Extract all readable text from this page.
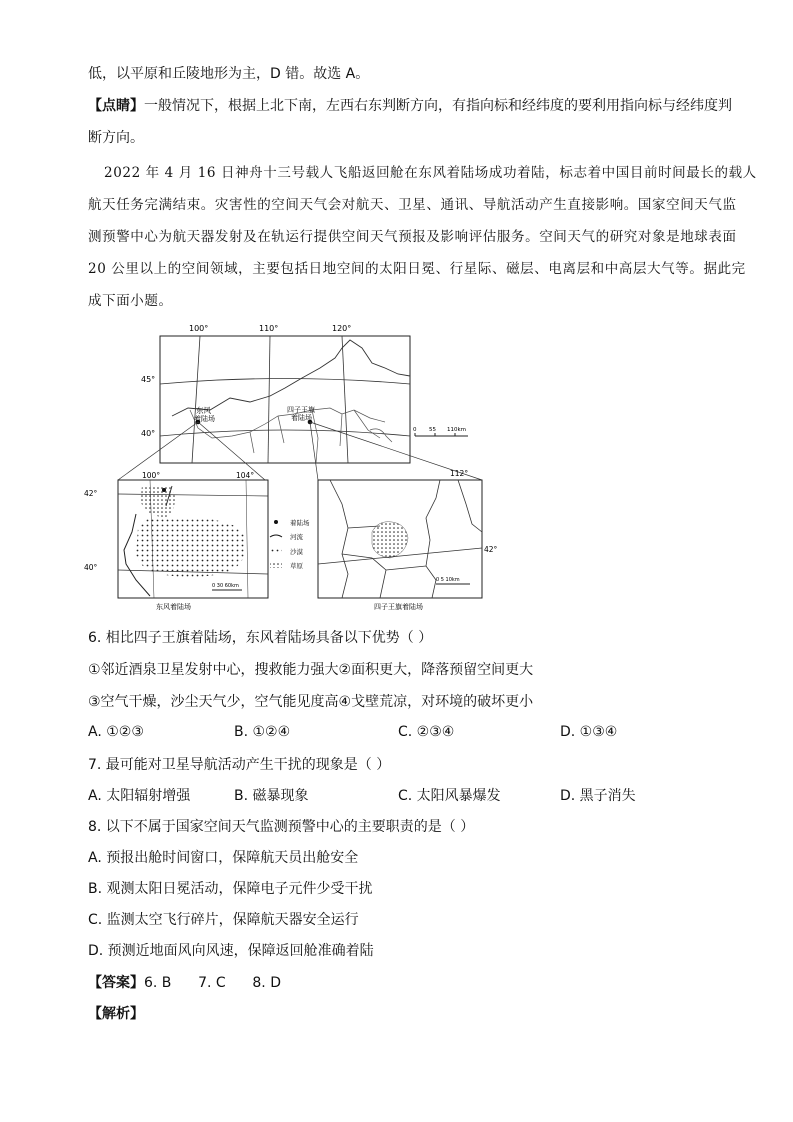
低，以平原和丘陵地形为主，D 错。故选 A。
【点睛】一般情况下，根据上北下南，左西右东判断方向，有指向标和经纬度的要利用指向标与经纬度判
断方向。
2022 年 4 月 16 日神舟十三号载人飞船返回舱在东风着陆场成功着陆，标志着中国目前时间最长的载人
航天任务完满结束。灾害性的空间天气会对航天、卫星、通讯、导航活动产生直接影响。国家空间天气监
测预警中心为航天器发射及在轨运行提供空间天气预报及影响评估服务。空间天气的研究对象是地球表面
20 公里以上的空间领域，主要包括日地空间的太阳日冕、行星际、磁层、电离层和中高层大气等。据此完
成下面小题。
东风
着陆场
四子王旗
着陆场
100°	110°	120°
45°
40°	0 55 110km
100°	104°
42°
40°
0 30 60km
东风着陆场
着陆场
河流
沙漠
草原
112°
42°
0 5 10km
四子王旗着陆场
6. 相比四子王旗着陆场，东风着陆场具备以下优势（ ）
①邻近酒泉卫星发射中心，搜救能力强大②面积更大，降落预留空间更大
③空气干燥，沙尘天气少，空气能见度高④戈壁荒凉，对环境的破坏更小
A. ①②③	B. ①②④	C. ②③④	D. ①③④
7. 最可能对卫星导航活动产生干扰的现象是（ ）
A. 太阳辐射增强	B. 磁暴现象	C. 太阳风暴爆发	D. 黑子消失
8. 以下不属于国家空间天气监测预警中心的主要职责的是（ ）
A. 预报出舱时间窗口，保障航天员出舱安全
B. 观测太阳日冕活动，保障电子元件少受干扰
C. 监测太空飞行碎片，保障航天器安全运行
D. 预测近地面风向风速，保障返回舱准确着陆
【答案】6. B      7. C      8. D
【解析】
